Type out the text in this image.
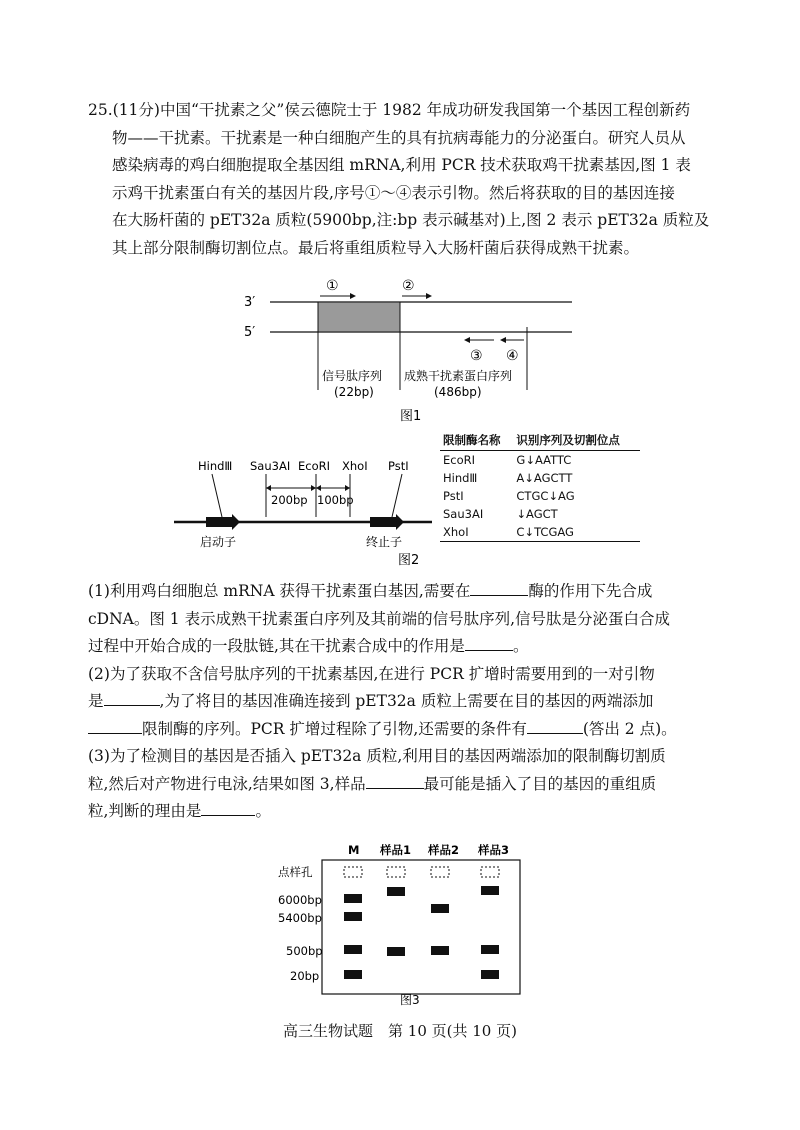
25.(11分)中国“干扰素之父”侯云德院士于 1982 年成功研发我国第一个基因工程创新药
物——干扰素。干扰素是一种白细胞产生的具有抗病毒能力的分泌蛋白。研究人员从
感染病毒的鸡白细胞提取全基因组 mRNA,利用 PCR 技术获取鸡干扰素基因,图 1 表
示鸡干扰素蛋白有关的基因片段,序号①～④表示引物。然后将获取的目的基因连接
在大肠杆菌的 pET32a 质粒(5900bp,注:bp 表示碱基对)上,图 2 表示 pET32a 质粒及
其上部分限制酶切割位点。最后将重组质粒导入大肠杆菌后获得成熟干扰素。
3′
5′
①	②
③ ④
信号肽序列
(22bp)
成熟干扰素蛋白序列
(486bp)
图1
HindⅢ Sau3AⅠ EcoRⅠ XhoⅠ PstⅠ
200bp 100bp
启动子	终止子
图2
限制酶名称	识别序列及切割位点
EcoRⅠ	G↓AATTC
HindⅢ	A↓AGCTT
PstⅠ	CTGC↓AG
Sau3AⅠ	↓AGCT
XhoⅠ	C↓TCGAG
(1)利用鸡白细胞总 mRNA 获得干扰素蛋白基因,需要在	酶的作用下先合成
cDNA。图 1 表示成熟干扰素蛋白序列及其前端的信号肽序列,信号肽是分泌蛋白合成
过程中开始合成的一段肽链,其在干扰素合成中的作用是	。
(2)为了获取不含信号肽序列的干扰素基因,在进行 PCR 扩增时需要用到的一对引物
是	,为了将目的基因准确连接到 pET32a 质粒上需要在目的基因的两端添加
限制酶的序列。PCR 扩增过程除了引物,还需要的条件有	(答出 2 点)。
(3)为了检测目的基因是否插入 pET32a 质粒,利用目的基因两端添加的限制酶切割质
粒,然后对产物进行电泳,结果如图 3,样品	最可能是插入了目的基因的重组质
粒,判断的理由是	。
M 样品1 样品2 样品3
点样孔
6000bp
5400bp
500bp
20bp
图3
高三生物试题　第 10 页(共 10 页)
